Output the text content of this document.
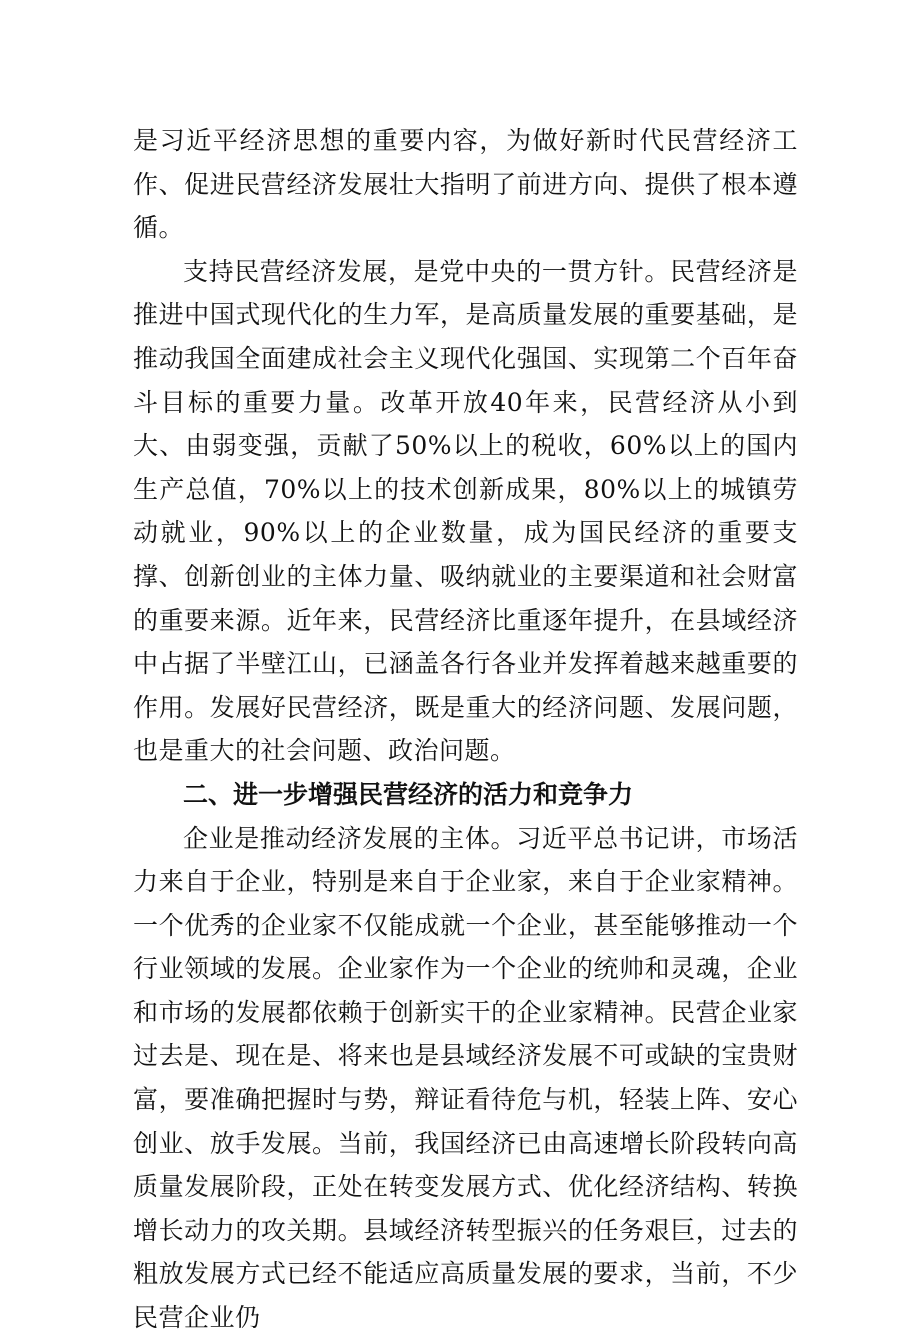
是习近平经济思想的重要内容，为做好新时代民营经济工作、促进民营经济发展壮大指明了前进方向、提供了根本遵循。

支持民营经济发展，是党中央的一贯方针。民营经济是推进中国式现代化的生力军，是高质量发展的重要基础，是推动我国全面建成社会主义现代化强国、实现第二个百年奋斗目标的重要力量。改革开放40年来，民营经济从小到大、由弱变强，贡献了50%以上的税收，60%以上的国内生产总值，70%以上的技术创新成果，80%以上的城镇劳动就业，90%以上的企业数量，成为国民经济的重要支撑、创新创业的主体力量、吸纳就业的主要渠道和社会财富的重要来源。近年来，民营经济比重逐年提升，在县域经济中占据了半壁江山，已涵盖各行各业并发挥着越来越重要的作用。发展好民营经济，既是重大的经济问题、发展问题，也是重大的社会问题、政治问题。

二、进一步增强民营经济的活力和竞争力

企业是推动经济发展的主体。习近平总书记讲，市场活力来自于企业，特别是来自于企业家，来自于企业家精神。一个优秀的企业家不仅能成就一个企业，甚至能够推动一个行业领域的发展。企业家作为一个企业的统帅和灵魂，企业和市场的发展都依赖于创新实干的企业家精神。民营企业家过去是、现在是、将来也是县域经济发展不可或缺的宝贵财富，要准确把握时与势，辩证看待危与机，轻装上阵、安心创业、放手发展。当前，我国经济已由高速增长阶段转向高质量发展阶段，正处在转变发展方式、优化经济结构、转换增长动力的攻关期。县域经济转型振兴的任务艰巨，过去的粗放发展方式已经不能适应高质量发展的要求，当前，不少民营企业仍
